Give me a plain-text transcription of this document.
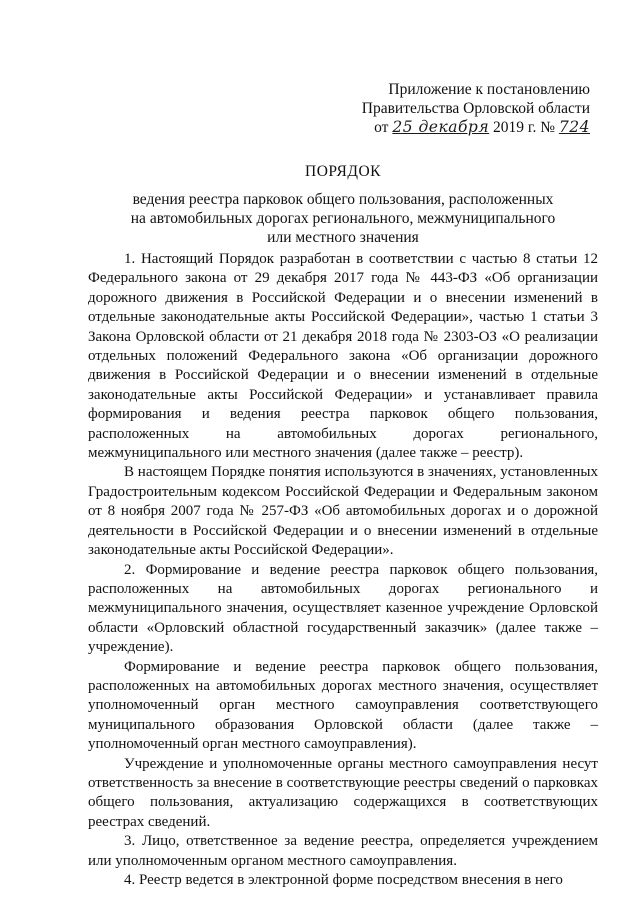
Приложение к постановлению
Правительства Орловской области
от 25 декабря 2019 г. № 724
ПОРЯДОК
ведения реестра парковок общего пользования, расположенных
на автомобильных дорогах регионального, межмуниципального
или местного значения

1. Настоящий Порядок разработан в соответствии с частью 8 статьи 12 Федерального закона от 29 декабря 2017 года № 443-ФЗ «Об организации дорожного движения в Российской Федерации и о внесении изменений в отдельные законодательные акты Российской Федерации», частью 1 статьи 3 Закона Орловской области от 21 декабря 2018 года № 2303-ОЗ «О реализации отдельных положений Федерального закона «Об организации дорожного движения в Российской Федерации и о внесении изменений в отдельные законодательные акты Российской Федерации» и устанавливает правила формирования и ведения реестра парковок общего пользования, расположенных на автомобильных дорогах регионального, межмуниципального или местного значения (далее также – реестр).

В настоящем Порядке понятия используются в значениях, установленных Градостроительным кодексом Российской Федерации и Федеральным законом от 8 ноября 2007 года № 257-ФЗ «Об автомобильных дорогах и о дорожной деятельности в Российской Федерации и о внесении изменений в отдельные законодательные акты Российской Федерации».

2. Формирование и ведение реестра парковок общего пользования, расположенных на автомобильных дорогах регионального и межмуниципального значения, осуществляет казенное учреждение Орловской области «Орловский областной государственный заказчик» (далее также – учреждение).

Формирование и ведение реестра парковок общего пользования, расположенных на автомобильных дорогах местного значения, осуществляет уполномоченный орган местного самоуправления соответствующего муниципального образования Орловской области (далее также – уполномоченный орган местного самоуправления).

Учреждение и уполномоченные органы местного самоуправления несут ответственность за внесение в соответствующие реестры сведений о парковках общего пользования, актуализацию содержащихся в соответствующих реестрах сведений.

3. Лицо, ответственное за ведение реестра, определяется учреждением или уполномоченным органом местного самоуправления.

4. Реестр ведется в электронной форме посредством внесения в него
